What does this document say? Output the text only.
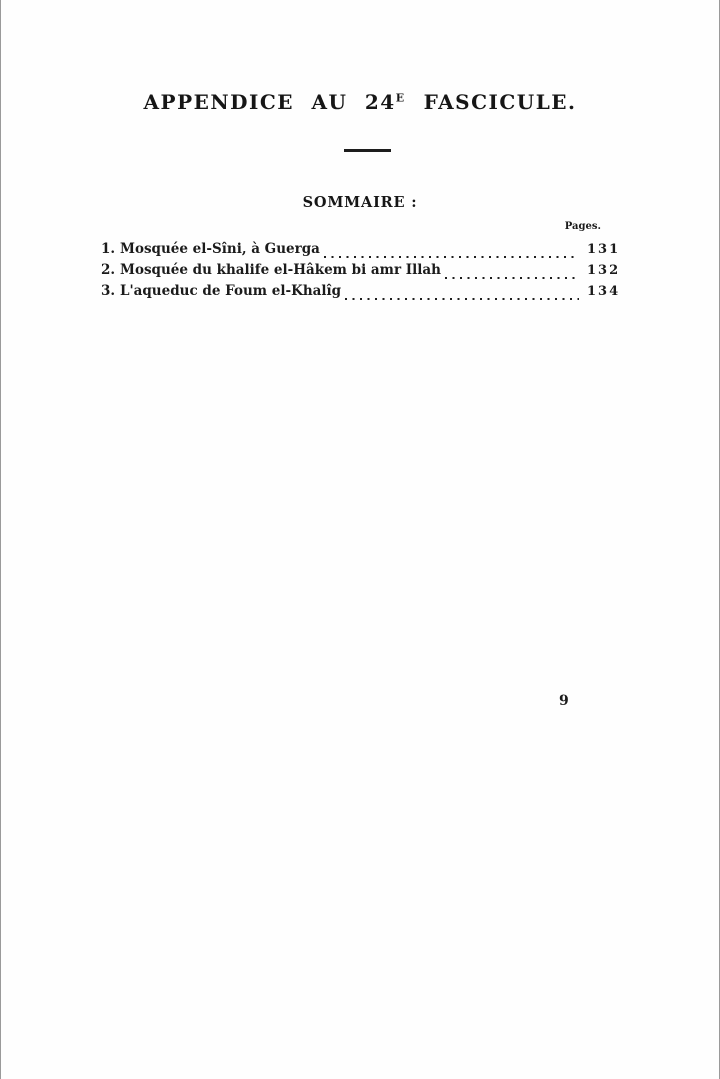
APPENDICE AU $24^E$ FASCICULE.
SOMMAIRE :
Pages.
1. Mosquée el-Sîni, à Guerga	131
2. Mosquée du khalife el-Hâkem bi amr Illah	132
3. L'aqueduc de Foum el-Khalîg	134
9
